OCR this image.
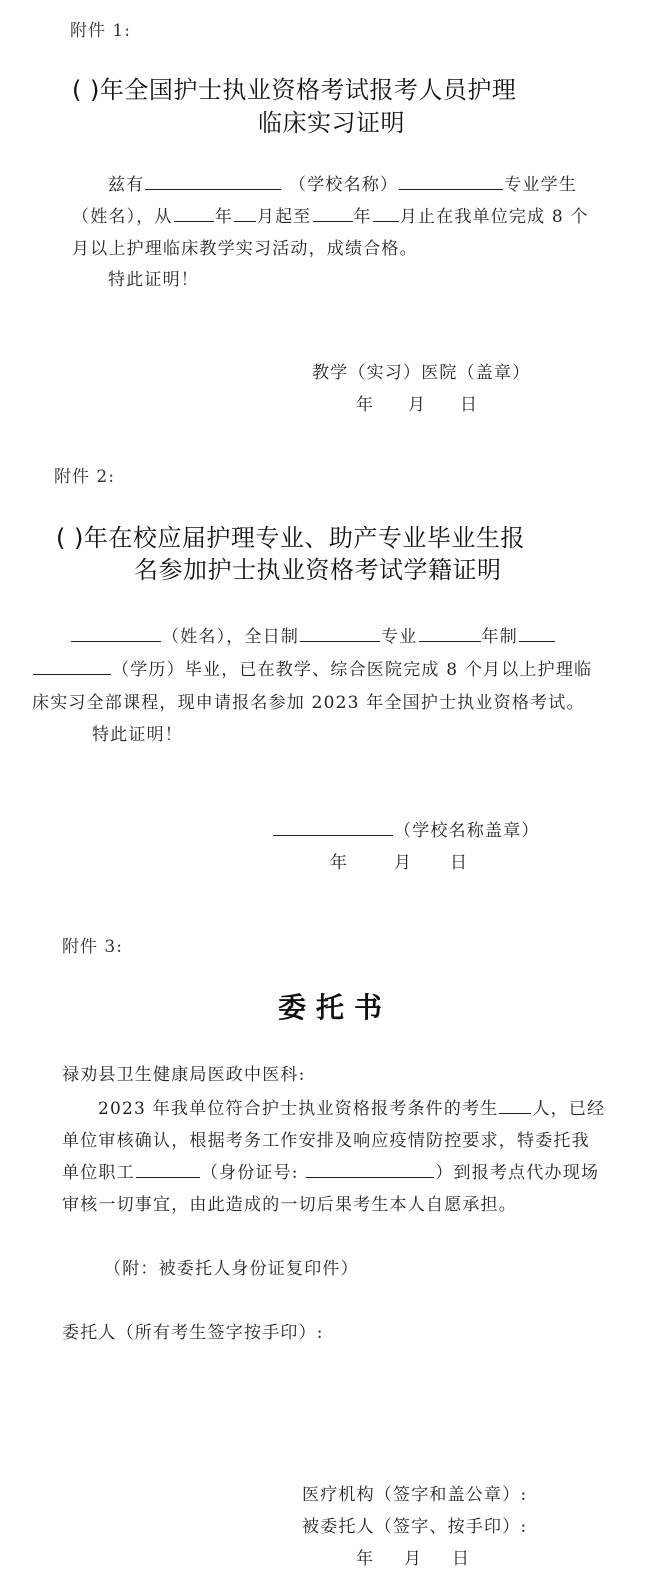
附件 1:
( )年全国护士执业资格考试报考人员护理
临床实习证明
兹有	（学校名称）	专业学生
（姓名），从 年 月起至 年 月止在我单位完成 8 个
月以上护理临床教学实习活动，成绩合格。
特此证明！
教学（实习）医院（盖章）
年 月 日
附件 2:
( )年在校应届护理专业、助产专业毕业生报
名参加护士执业资格考试学籍证明
（姓名），全日制	专业	年制
（学历）毕业，已在教学、综合医院完成 8 个月以上护理临
床实习全部课程，现申请报名参加 2023 年全国护士执业资格考试。
特此证明！
（学校名称盖章）
年	月 日
附件 3:
委托书
禄劝县卫生健康局医政中医科:
2023 年我单位符合护士执业资格报考条件的考生 人，已经
单位审核确认，根据考务工作安排及响应疫情防控要求，特委托我
单位职工	（身份证号:	）到报考点代办现场
审核一切事宜，由此造成的一切后果考生本人自愿承担。
（附：被委托人身份证复印件）
委托人（所有考生签字按手印）:
医疗机构（签字和盖公章）:
被委托人（签字、按手印）:
年 月 日
